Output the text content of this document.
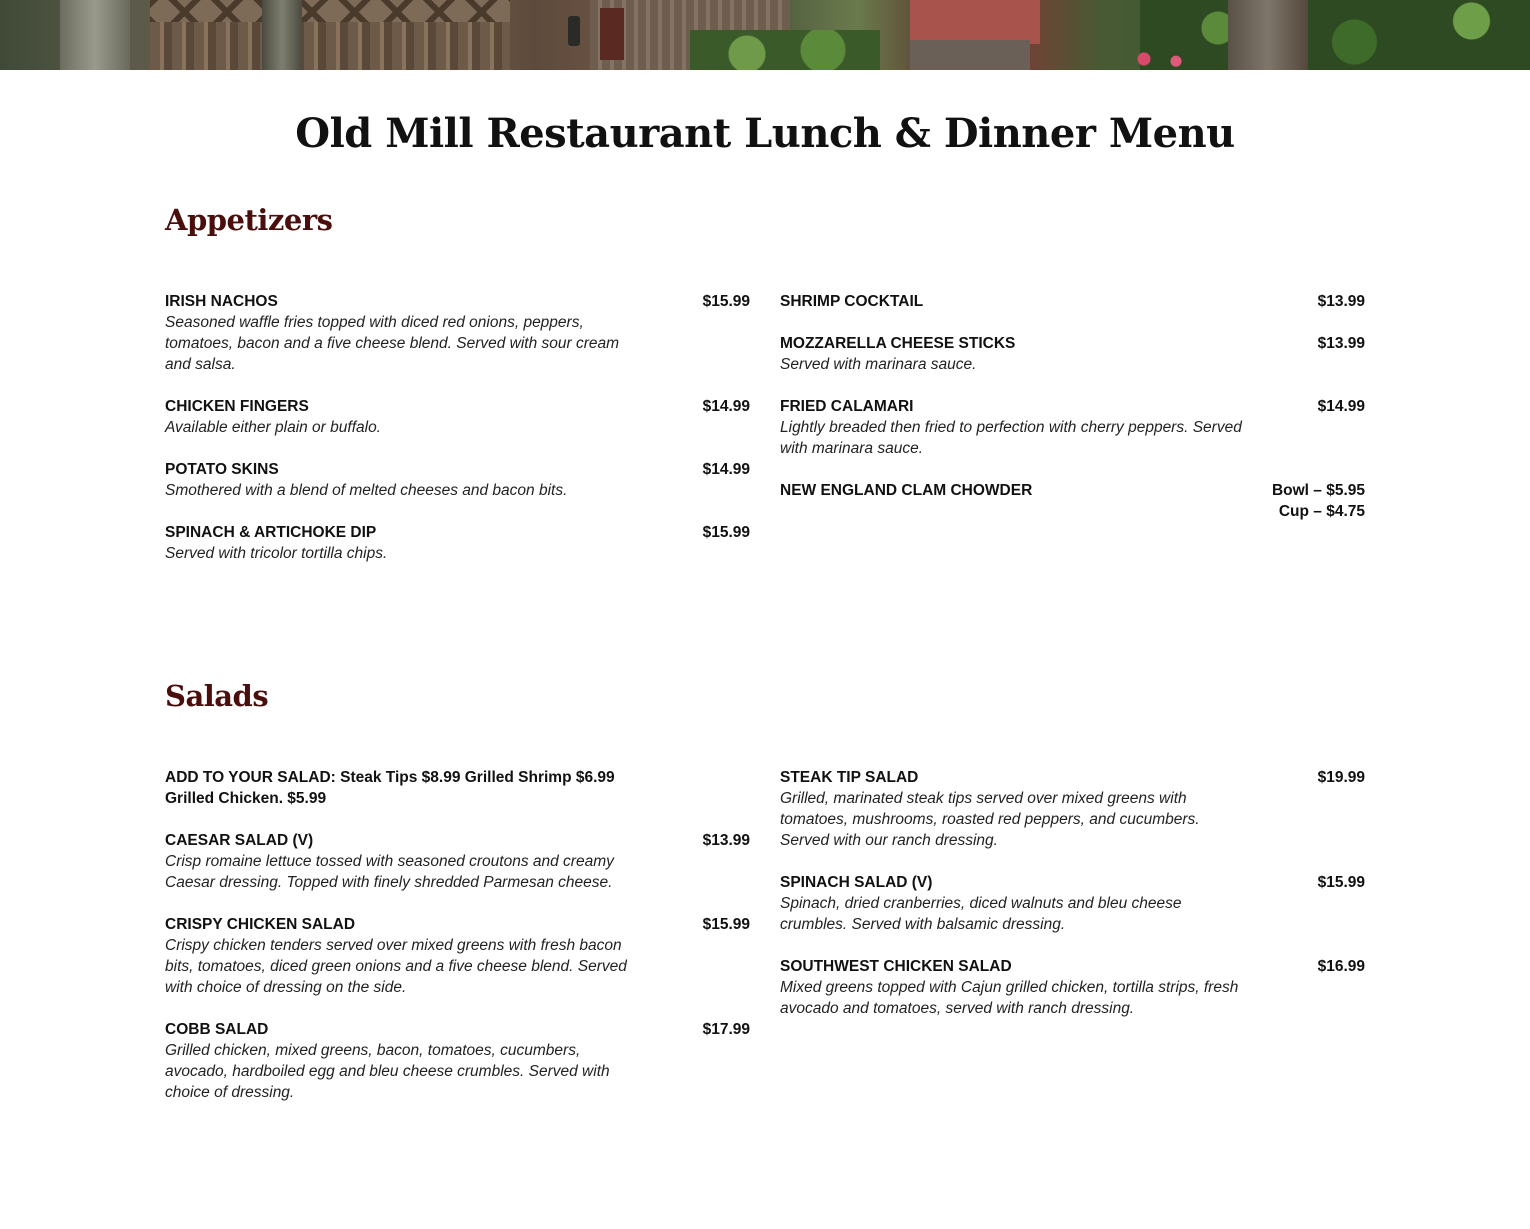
Old Mill Restaurant Lunch & Dinner Menu
Appetizers
IRISH NACHOS	$15.99
Seasoned waffle fries topped with diced red onions, peppers, tomatoes, bacon and a five cheese blend. Served with sour cream and salsa.
CHICKEN FINGERS	$14.99
Available either plain or buffalo.
POTATO SKINS	$14.99
Smothered with a blend of melted cheeses and bacon bits.
SPINACH & ARTICHOKE DIP	$15.99
Served with tricolor tortilla chips.
SHRIMP COCKTAIL	$13.99
MOZZARELLA CHEESE STICKS	$13.99
Served with marinara sauce.
FRIED CALAMARI	$14.99
Lightly breaded then fried to perfection with cherry peppers. Served with marinara sauce.
NEW ENGLAND CLAM CHOWDER	Bowl – $5.95
Cup – $4.75
Salads
ADD TO YOUR SALAD: Steak Tips $8.99 Grilled Shrimp $6.99 Grilled Chicken. $5.99
CAESAR SALAD (V)	$13.99
Crisp romaine lettuce tossed with seasoned croutons and creamy Caesar dressing. Topped with finely shredded Parmesan cheese.
CRISPY CHICKEN SALAD	$15.99
Crispy chicken tenders served over mixed greens with fresh bacon bits, tomatoes, diced green onions and a five cheese blend. Served with choice of dressing on the side.
COBB SALAD	$17.99
Grilled chicken, mixed greens, bacon, tomatoes, cucumbers, avocado, hardboiled egg and bleu cheese crumbles. Served with choice of dressing.
STEAK TIP SALAD	$19.99
Grilled, marinated steak tips served over mixed greens with tomatoes, mushrooms, roasted red peppers, and cucumbers. Served with our ranch dressing.
SPINACH SALAD (V)	$15.99
Spinach, dried cranberries, diced walnuts and bleu cheese crumbles. Served with balsamic dressing.
SOUTHWEST CHICKEN SALAD	$16.99
Mixed greens topped with Cajun grilled chicken, tortilla strips, fresh avocado and tomatoes, served with ranch dressing.
